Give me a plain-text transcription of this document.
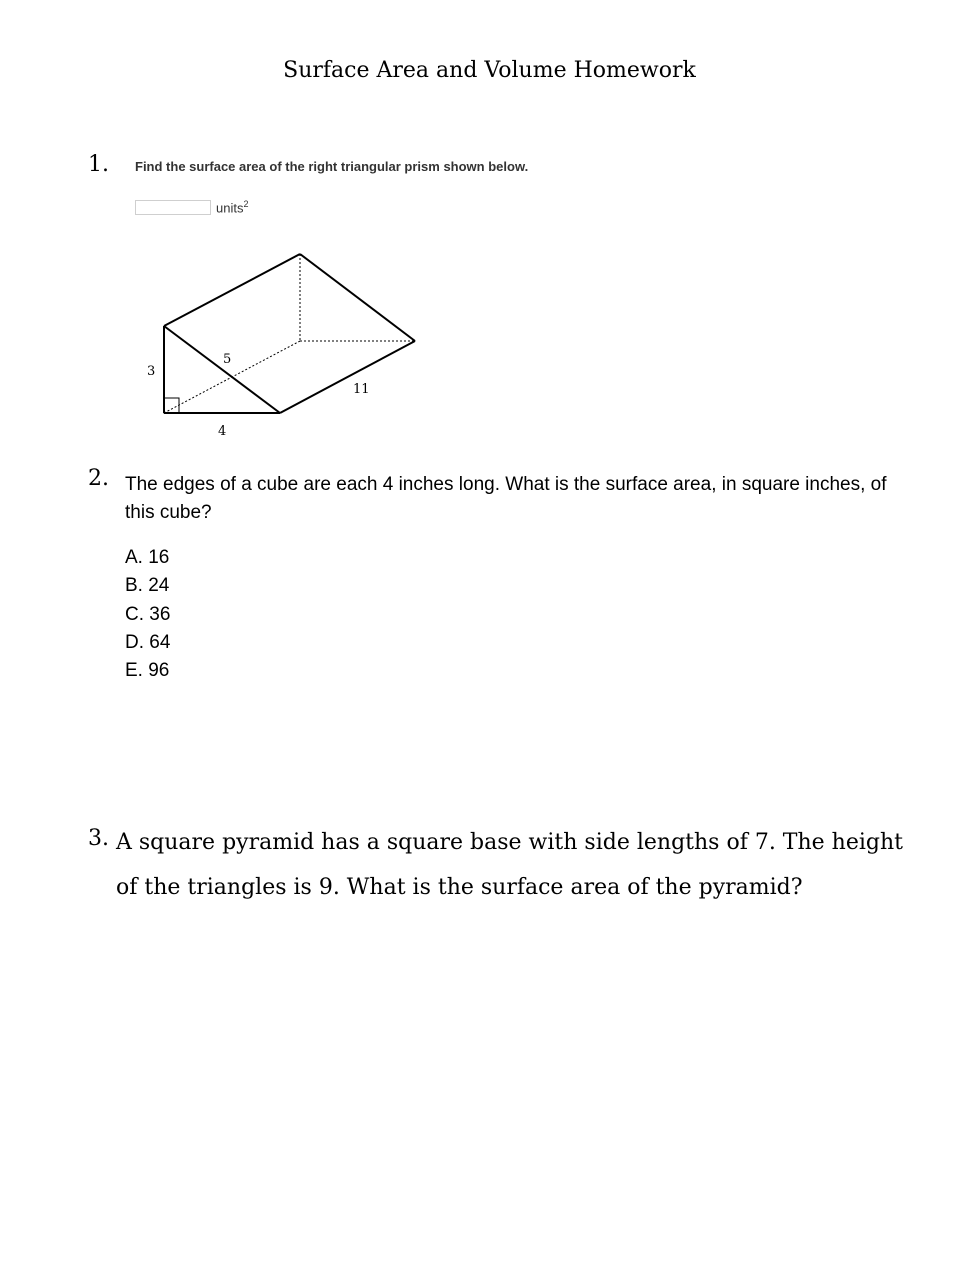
Surface Area and Volume Homework
1. Find the surface area of the right triangular prism shown below.
units$^2$
3
5
11
4
2. The edges of a cube are each 4 inches long. What is the surface area, in square inches, of this cube?
A. 16
B. 24
C. 36
D. 64
E. 96
3. A square pyramid has a square base with side lengths of 7. The height of the triangles is 9. What is the surface area of the pyramid?
